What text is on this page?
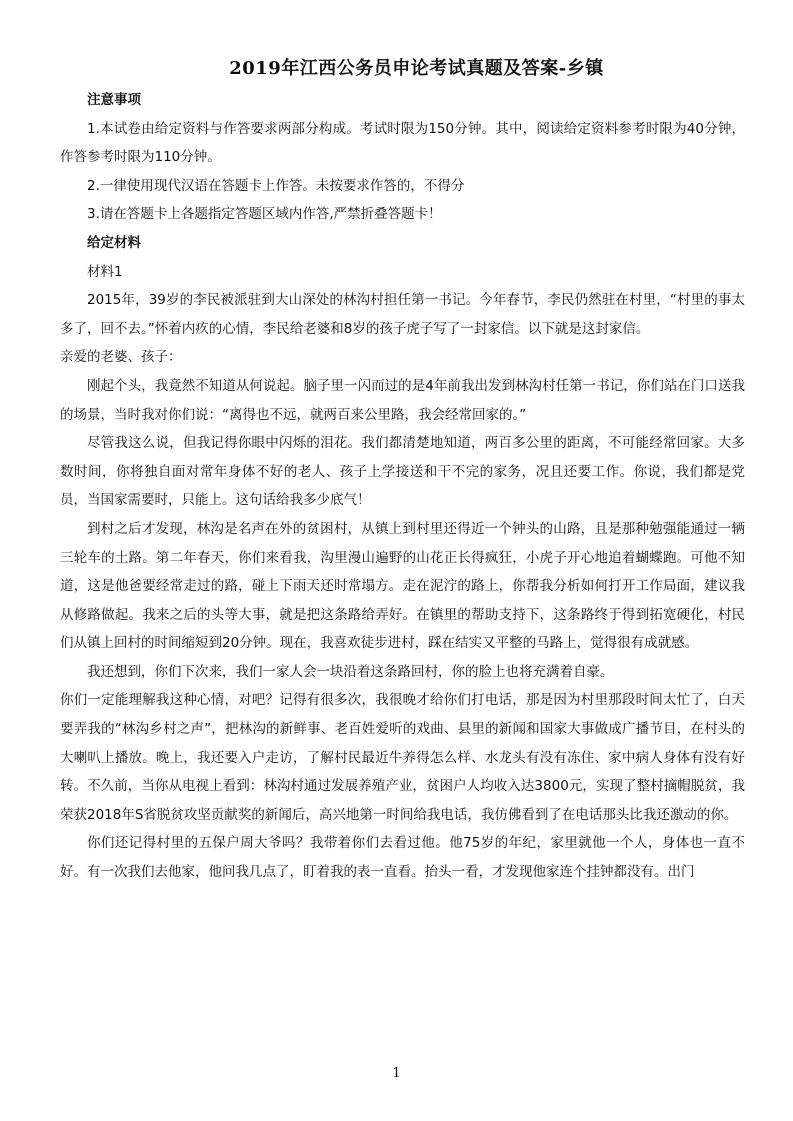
2019年江西公务员申论考试真题及答案-乡镇

注意事项

1.本试卷由给定资料与作答要求两部分构成。考试时限为150分钟。其中，阅读给定资料参考时限为40分钟，作答参考时限为110分钟。

2.一律使用现代汉语在答题卡上作答。未按要求作答的，不得分

3.请在答题卡上各题指定答题区域内作答,严禁折叠答题卡！

给定材料

材料1

2015年，39岁的李民被派驻到大山深处的林沟村担任第一书记。今年春节，李民仍然驻在村里，“村里的事太多了，回不去。”怀着内疚的心情，李民给老婆和8岁的孩子虎子写了一封家信。以下就是这封家信。

亲爱的老婆、孩子：

刚起个头，我竟然不知道从何说起。脑子里一闪而过的是4年前我出发到林沟村任第一书记，你们站在门口送我的场景，当时我对你们说：“离得也不远，就两百来公里路，我会经常回家的。”

尽管我这么说，但我记得你眼中闪烁的泪花。我们都清楚地知道，两百多公里的距离，不可能经常回家。大多数时间，你将独自面对常年身体不好的老人、孩子上学接送和干不完的家务，况且还要工作。你说，我们都是党员，当国家需要时，只能上。这句话给我多少底气！

到村之后才发现，林沟是名声在外的贫困村，从镇上到村里还得近一个钟头的山路，且是那种勉强能通过一辆三轮车的土路。第二年春天，你们来看我，沟里漫山遍野的山花正长得疯狂，小虎子开心地追着蝴蝶跑。可他不知道，这是他爸要经常走过的路，碰上下雨天还时常塌方。走在泥泞的路上，你帮我分析如何打开工作局面，建议我从修路做起。我来之后的头等大事，就是把这条路给弄好。在镇里的帮助支持下，这条路终于得到拓宽硬化，村民们从镇上回村的时间缩短到20分钟。现在，我喜欢徒步进村，踩在结实又平整的马路上，觉得很有成就感。

我还想到，你们下次来，我们一家人会一块沿着这条路回村，你的脸上也将充满着自豪。

你们一定能理解我这种心情，对吧？记得有很多次，我很晚才给你们打电话，那是因为村里那段时间太忙了，白天要弄我的“林沟乡村之声”，把林沟的新鲜事、老百姓爱听的戏曲、县里的新闻和国家大事做成广播节目，在村头的大喇叭上播放。晚上，我还要入户走访，了解村民最近牛养得怎么样、水龙头有没有冻住、家中病人身体有没有好转。不久前，当你从电视上看到：林沟村通过发展养殖产业，贫困户人均收入达3800元，实现了整村摘帽脱贫，我荣获2018年S省脱贫攻坚贡献奖的新闻后，高兴地第一时间给我电话，我仿佛看到了在电话那头比我还激动的你。

你们还记得村里的五保户周大爷吗？我带着你们去看过他。他75岁的年纪，家里就他一个人，身体也一直不好。有一次我们去他家，他问我几点了，盯着我的表一直看。抬头一看，才发现他家连个挂钟都没有。出门

1
